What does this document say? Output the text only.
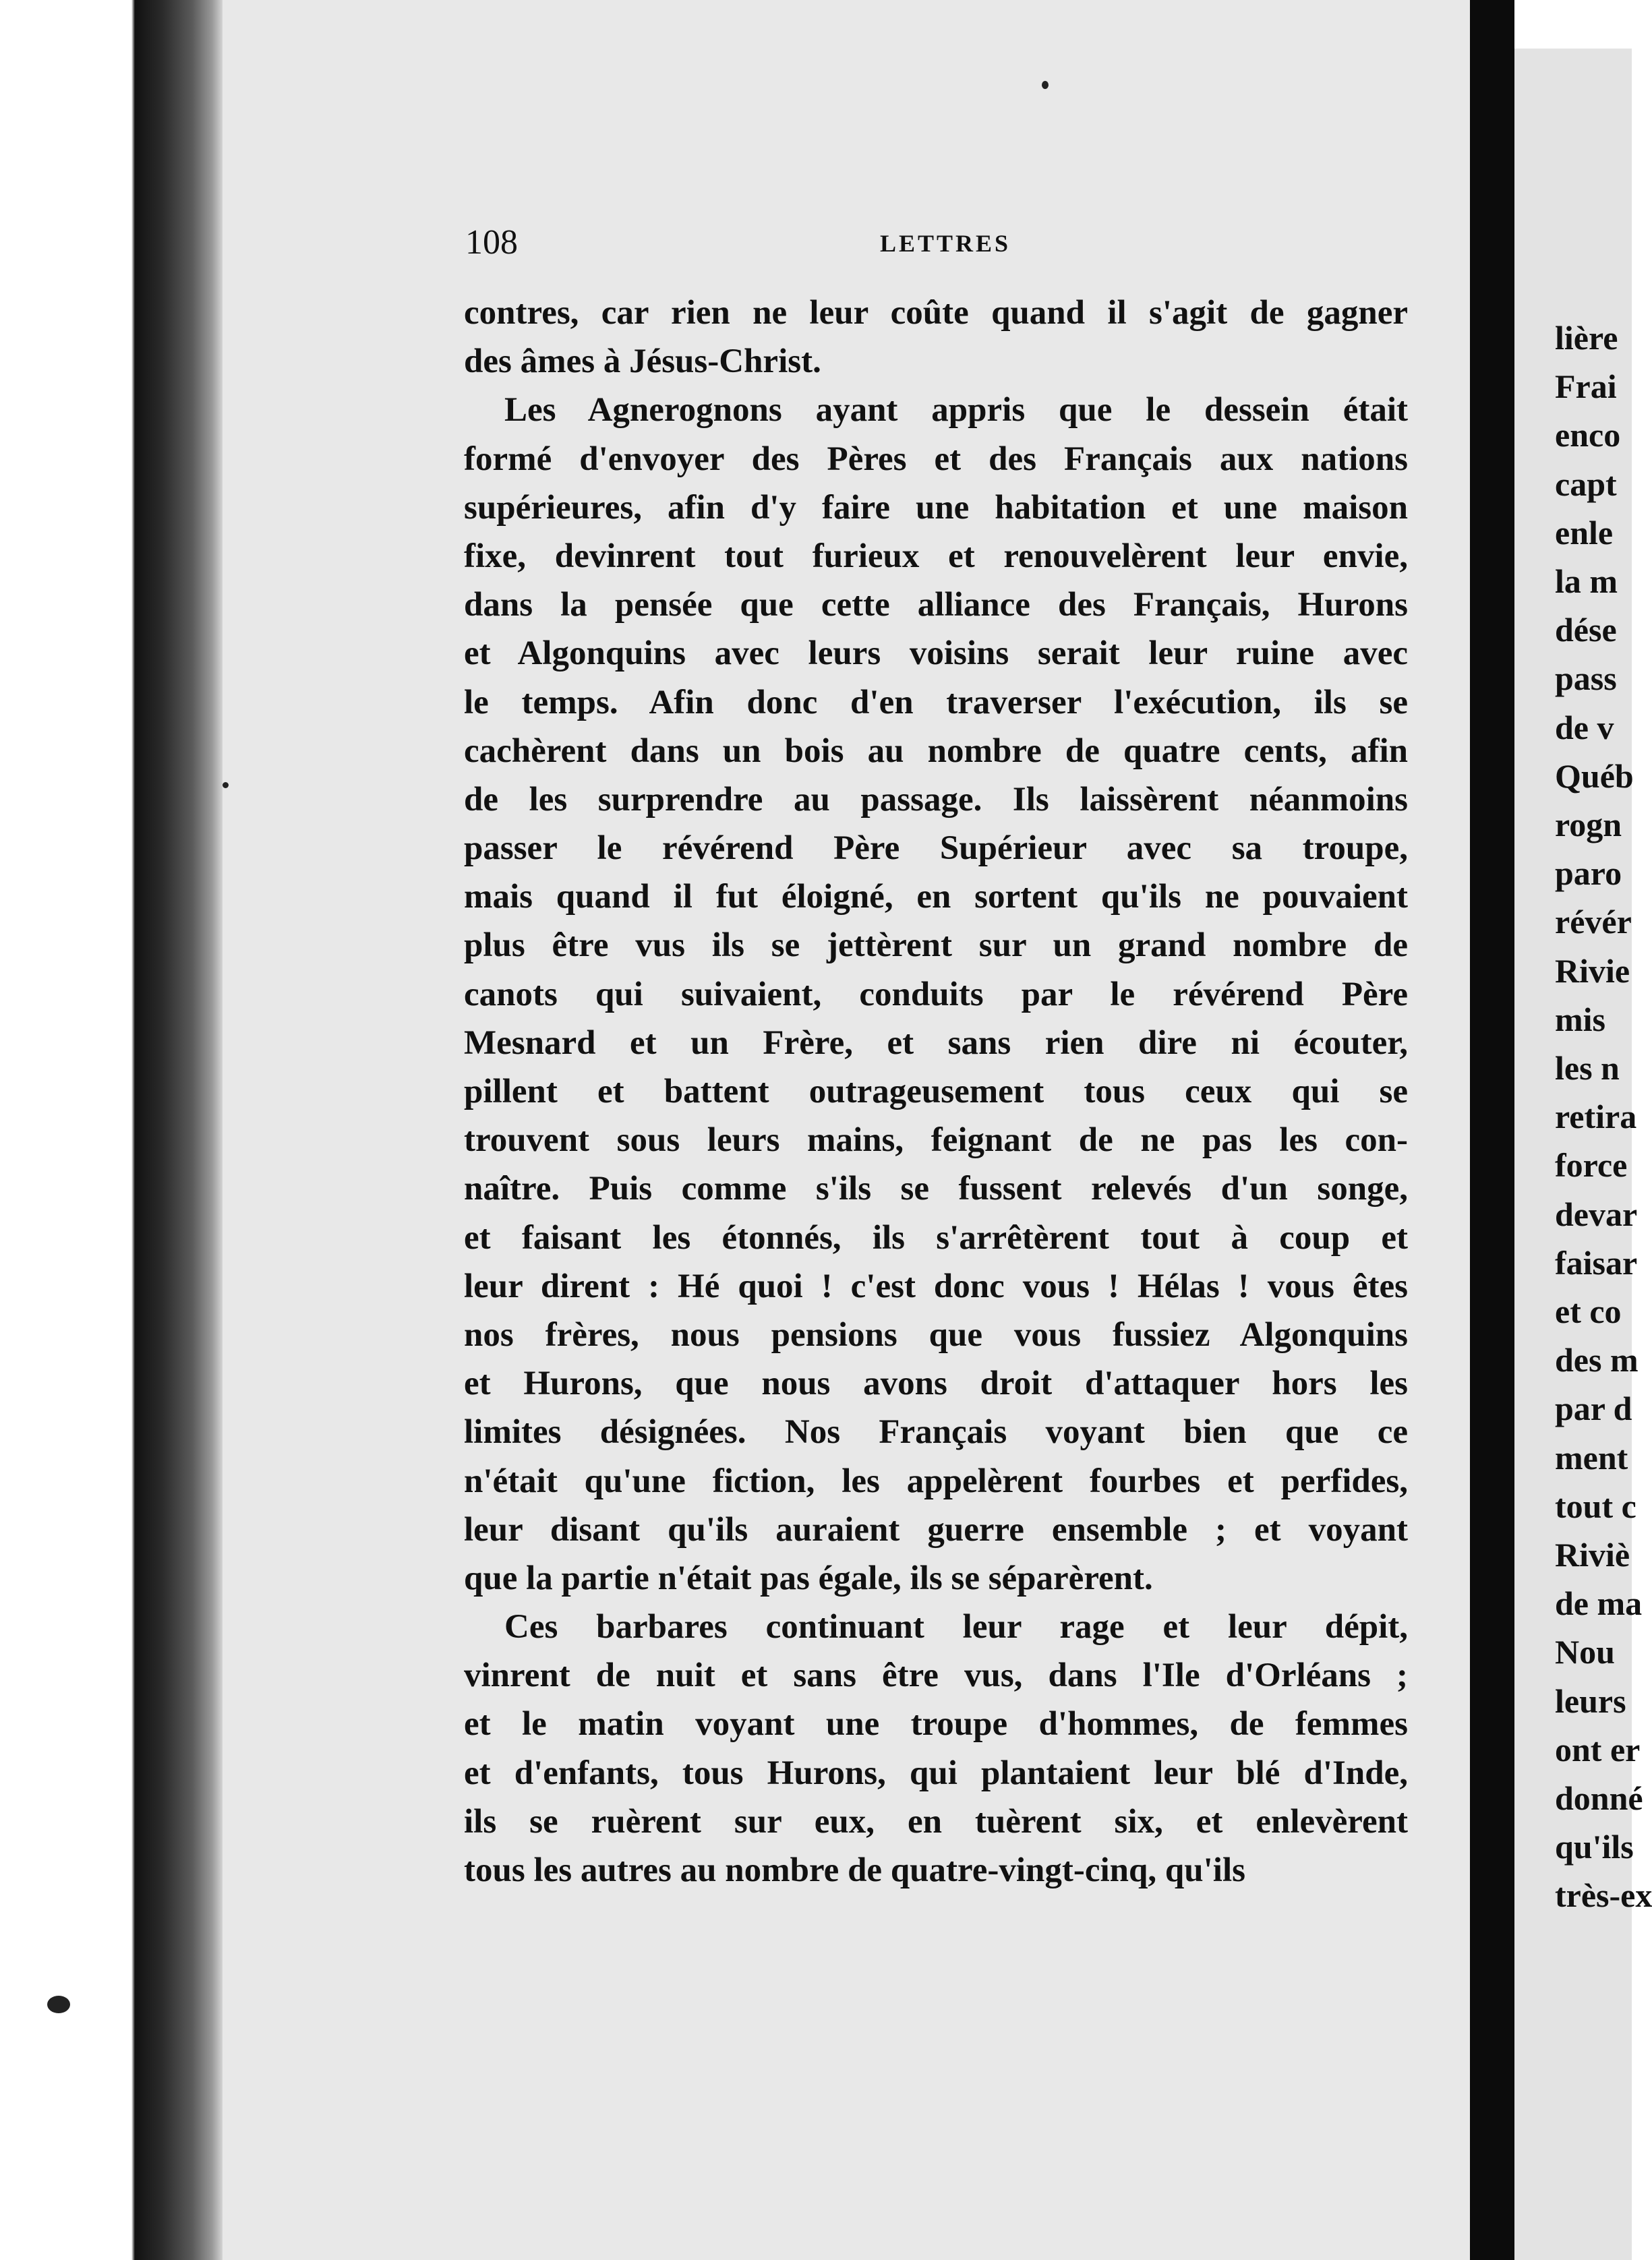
lière
Frai
enco
capt
enle
la m
dése
pass
de v
Québ
rogn
paro
révér
Rivie
mis
les n
retira
force
devar
faisar
et co
des m
par d
ment
tout c
Riviè
de ma
Nou
leurs
ont er
donné
qu'ils
très-ex
108	LETTRES
contres, car rien ne leur coûte quand il s'agit de gagner
des âmes à Jésus-Christ.
Les Agnerognons ayant appris que le dessein était
formé d'envoyer des Pères et des Français aux nations
supérieures, afin d'y faire une habitation et une maison
fixe, devinrent tout furieux et renouvelèrent leur envie,
dans la pensée que cette alliance des Français, Hurons
et Algonquins avec leurs voisins serait leur ruine avec
le temps. Afin donc d'en traverser l'exécution, ils se
cachèrent dans un bois au nombre de quatre cents, afin
de les surprendre au passage. Ils laissèrent néanmoins
passer le révérend Père Supérieur avec sa troupe,
mais quand il fut éloigné, en sortent qu'ils ne pouvaient
plus être vus ils se jettèrent sur un grand nombre de
canots qui suivaient, conduits par le révérend Père
Mesnard et un Frère, et sans rien dire ni écouter,
pillent et battent outrageusement tous ceux qui se
trouvent sous leurs mains, feignant de ne pas les con-
naître. Puis comme s'ils se fussent relevés d'un songe,
et faisant les étonnés, ils s'arrêtèrent tout à coup et
leur dirent : Hé quoi ! c'est donc vous ! Hélas ! vous êtes
nos frères, nous pensions que vous fussiez Algonquins
et Hurons, que nous avons droit d'attaquer hors les
limites désignées. Nos Français voyant bien que ce
n'était qu'une fiction, les appelèrent fourbes et perfides,
leur disant qu'ils auraient guerre ensemble ; et voyant
que la partie n'était pas égale, ils se séparèrent.
Ces barbares continuant leur rage et leur dépit,
vinrent de nuit et sans être vus, dans l'Ile d'Orléans ;
et le matin voyant une troupe d'hommes, de femmes
et d'enfants, tous Hurons, qui plantaient leur blé d'Inde,
ils se ruèrent sur eux, en tuèrent six, et enlevèrent
tous les autres au nombre de quatre-vingt-cinq, qu'ils
